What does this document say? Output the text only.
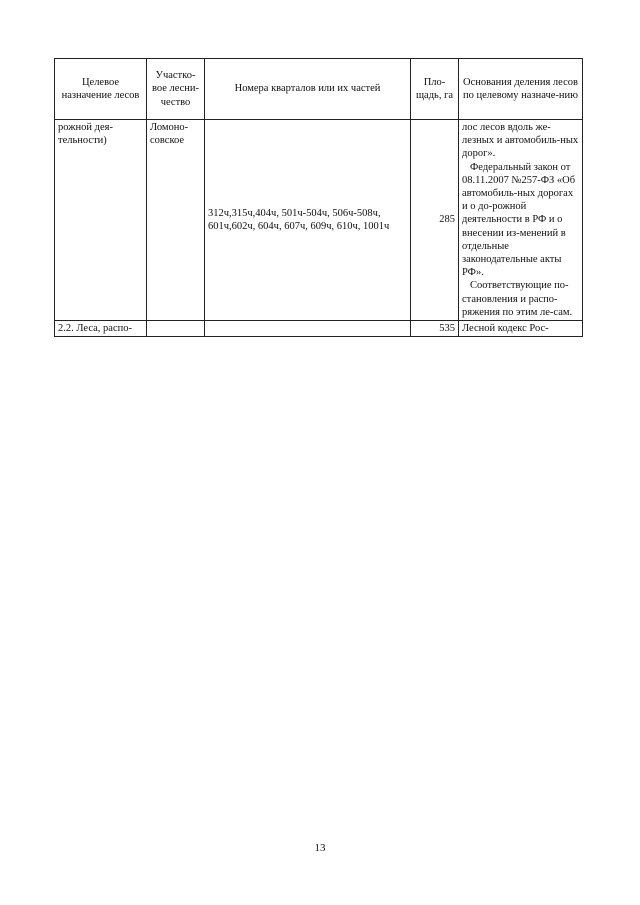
Целевое назначение лесов	Участко-вое лесни-чество	Номера кварталов или их частей	Пло-щадь, га	Основания деления лесов по целевому назначе-нию
рожной дея-тельности)	Ломоно-совское	312ч,315ч,404ч, 501ч-504ч, 506ч-508ч, 601ч,602ч, 604ч, 607ч, 609ч, 610ч, 1001ч	285	лос лесов вдоль же-лезных и автомобиль-ных дорог».

Федеральный закон от 08.11.2007 №257-ФЗ «Об автомобиль-ных дорогах и о до-рожной деятельности в РФ и о внесении из-менений в отдельные законодательные акты РФ».

Соответствующие по-становления и распо-ряжения по этим ле-сам.

2.2. Леса, распо-			535	Лесной кодекс Рос-
13
